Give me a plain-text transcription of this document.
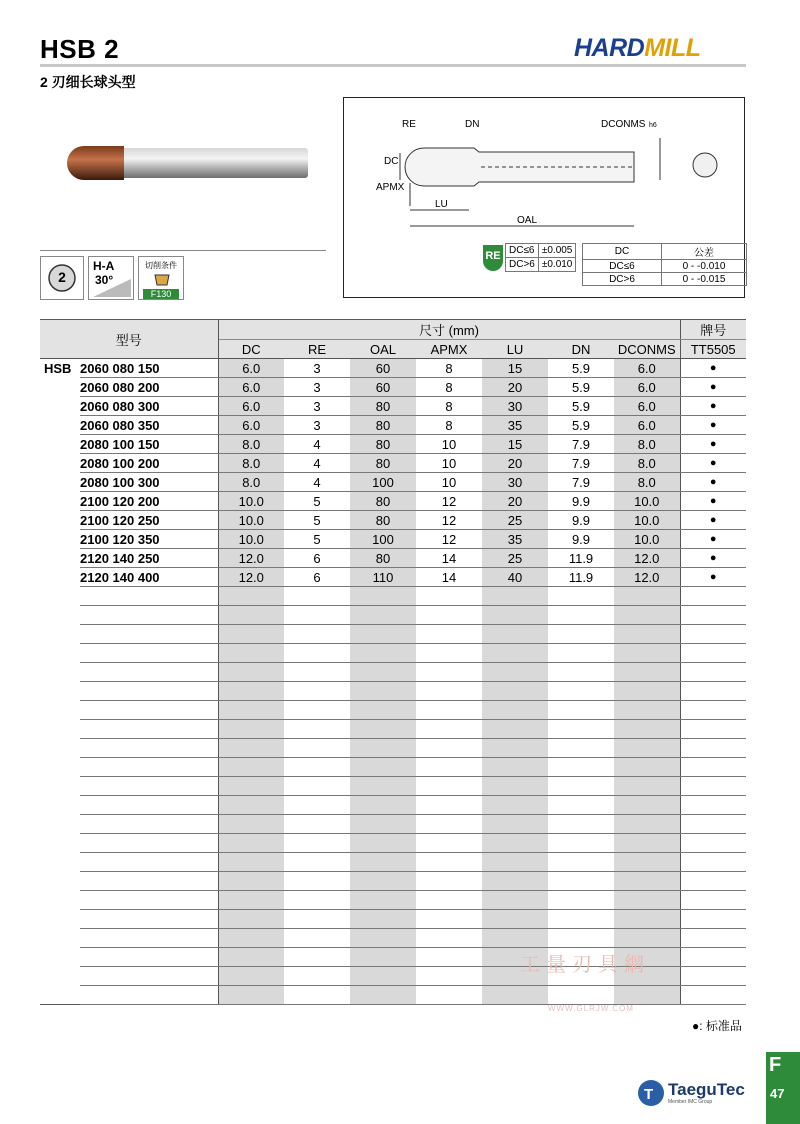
HSB 2
2 刃细长球头型
HARDMILL
2
H-A
30°
切削条件
F130
RE	DN	DCONMS h6
DC
APMX
LU
OAL
RE DC≤6	±0.005
DC>6	±0.010
DC	公差
DC≤6	0 - -0.010
DC>6	0 - -0.015
型号		尺寸 (mm)							牌号
		DC	RE	OAL	APMX	LU	DN	DCONMS	TT5505
HSB	2060 080 150	6.0	3	60	8	15	5.9	6.0	●
	2060 080 200	6.0	3	60	8	20	5.9	6.0	●
	2060 080 300	6.0	3	80	8	30	5.9	6.0	●
	2060 080 350	6.0	3	80	8	35	5.9	6.0	●
	2080 100 150	8.0	4	80	10	15	7.9	8.0	●
	2080 100 200	8.0	4	80	10	20	7.9	8.0	●
	2080 100 300	8.0	4	100	10	30	7.9	8.0	●
	2100 120 200	10.0	5	80	12	20	9.9	10.0	●
	2100 120 250	10.0	5	80	12	25	9.9	10.0	●
	2100 120 350	10.0	5	100	12	35	9.9	10.0	●
	2120 140 250	12.0	6	80	14	25	11.9	12.0	●
	2120 140 400	12.0	6	110	14	40	11.9	12.0	●

●: 标准品
工量刃具網
WWW.GLRJW.COM
T TaeguTec
Member IMC Group
F
47
